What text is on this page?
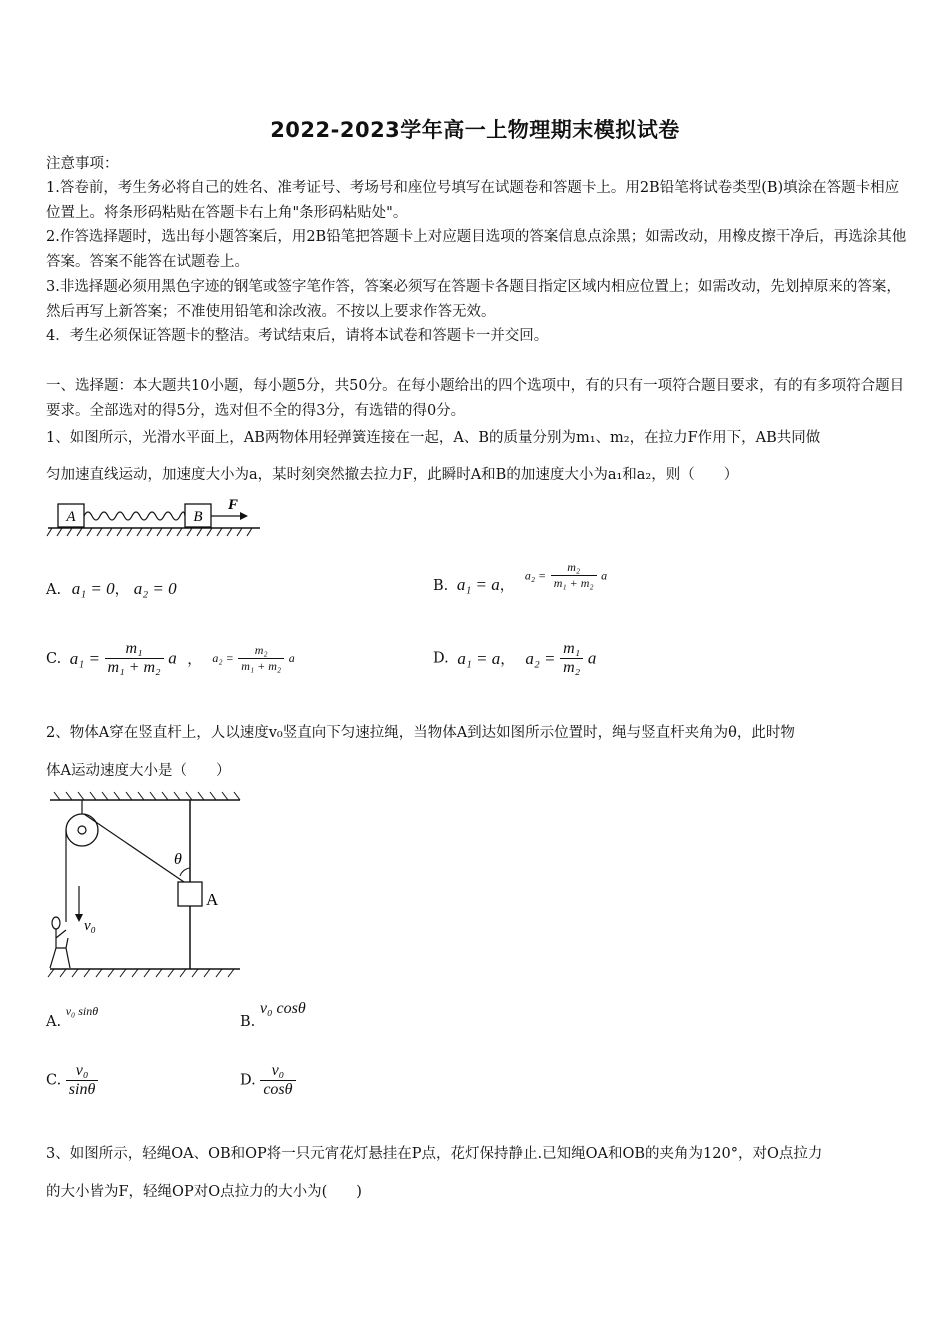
2022-2023学年高一上物理期末模拟试卷
注意事项：
1.答卷前，考生务必将自己的姓名、准考证号、考场号和座位号填写在试题卷和答题卡上。用2B铅笔将试卷类型(B)填涂在答题卡相应位置上。将条形码粘贴在答题卡右上角"条形码粘贴处"。
2.作答选择题时，选出每小题答案后，用2B铅笔把答题卡上对应题目选项的答案信息点涂黑；如需改动，用橡皮擦干净后，再选涂其他答案。答案不能答在试题卷上。
3.非选择题必须用黑色字迹的钢笔或签字笔作答，答案必须写在答题卡各题目指定区域内相应位置上；如需改动，先划掉原来的答案，然后再写上新答案；不准使用铅笔和涂改液。不按以上要求作答无效。
4．考生必须保证答题卡的整洁。考试结束后，请将本试卷和答题卡一并交回。
一、选择题：本大题共10小题，每小题5分，共50分。在每小题给出的四个选项中，有的只有一项符合题目要求，有的有多项符合题目要求。全部选对的得5分，选对但不全的得3分，有选错的得0分。
1、如图所示，光滑水平面上，AB两物体用轻弹簧连接在一起，A、B的质量分别为m₁、m₂，在拉力F作用下，AB共同做
匀加速直线运动，加速度大小为a，某时刻突然撤去拉力F，此瞬时A和B的加速度大小为a₁和a₂，则（　　）
A	B
F
A. a₁ = 0， a₂ = 0	B. a₁ = a， $a_2 = \frac{\text{m₂}}{\text{m₁ + m₂}}$ a
C. $a_1 = \frac{\text{m₁}}{\text{m₁ + m₂}}$ a ， $a_2 = \frac{\text{m₂}}{\text{m₁ + m₂}}$ a	D. a₁ = a， $a_2 = \frac{\text{m₁}}{\text{m₂}}$ a
2、物体A穿在竖直杆上，人以速度v₀竖直向下匀速拉绳，当物体A到达如图所示位置时，绳与竖直杆夹角为θ，此时物
体A运动速度大小是（　　）
A
θ
v₀
A. $^{v_0 sin\theta}$
B. v₀ cosθ
C. $\frac{\text{v₀}}{\sin\theta}$	D. $\frac{\text{v₀}}{\cos\theta}$
3、如图所示，轻绳OA、OB和OP将一只元宵花灯悬挂在P点，花灯保持静止.已知绳OA和OB的夹角为120°，对O点拉力
的大小皆为F，轻绳OP对O点拉力的大小为(　　)
